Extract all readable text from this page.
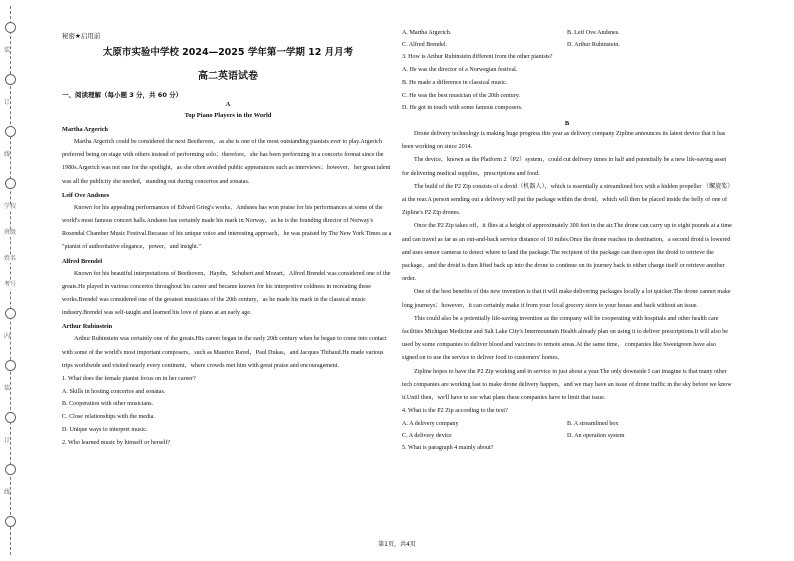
装
订
线
学校
班级
姓名
考号
内
装
订
线
秘密★启用前
太原市实验中学校 2024—2025 学年第一学期 12 月月考
高二英语试卷
一、阅读理解（每小题 3 分，共 60 分）
A
Top Piano Players in the World
Martha Argerich

Martha Argerich could be considered the next Beethoven，as she is one of the most outstanding pianists ever to play.Argerich preferred being on stage with others instead of performing solo；therefore，she has been performing in a concerto format since the 1980s.Argerich was not one for the spotlight，as she often avoided public appearances such as interviews；however，her great talent was all the publicity she needed，standing out during concertos and sonatas.

Leif Ove Andsnes

Known for his appealing performances of Edvard Grieg's works，Andsnes has won praise for his performances at some of the world's most famous concert halls.Andsnes has certainly made his mark in Norway，as he is the founding director of Norway's Rosendal Chamber Music Festival.Because of his unique voice and interesting approach，he was praised by The New York Times as a "pianist of authoritative elegance，power，and insight."

Alfred Brendel

Known for his beautiful interpretations of Beethoven，Haydn，Schubert and Mozart，Alfred Brendel was considered one of the greats.He played in various concertos throughout his career and became known for his interpretive coldness in recreating these works.Brendel was considered one of the greatest musicians of the 20th century，as he made his mark in the classical music industry.Brendel was self-taught and learned his love of piano at an early age.

Arthur Rubinstein

Arthur Rubinstein was certainly one of the greats.His career began in the early 20th century when he began to come into contact with some of the world's most important composers，such as Maurice Ravel，Paul Dukas，and Jacques Thibaud.He made various trips worldwide and visited nearly every continent，where crowds met him with great praise and encouragement.

1. What does the female pianist focus on in her career?
A. Skills in hosting concertos and sonatas.
B. Cooperation with other musicians.
C. Close relationships with the media.
D. Unique ways to interpret music.
2. Who learned music by himself or herself?
A. Martha Argerich.	B. Leif Ove Andsnes.
C. Alfred Brendel.	D. Arthur Rubinstein.
3. How is Arthur Rubinstein different from the other pianists?
A. He was the director of a Norwegian festival.
B. He made a difference in classical music.
C. He was the best musician of the 20th century.
D. He got in touch with some famous composers.
B

Drone delivery technology is making huge progress this year as delivery company Zipline announces its latest device that it has been working on since 2014.

The device，known as the Platform 2（P2）system，could cut delivery times in half and potentially be a new life-saving asset for delivering medical supplies，prescriptions and food.

The build of the P2 Zip consists of a droid（机器人），which is essentially a streamlined box with a hidden propeller （螺旋桨）at the rear.A person sending out a delivery will put the package within the droid，which will then be placed inside the belly of one of Zipline's P2 Zip drones.

Once the P2 Zip takes off，it flies at a height of approximately 300 feet in the air.The drone can carry up to eight pounds at a time and can travel as far as an out-and-back service distance of 10 miles.Once the drone reaches its destination，a second droid is lowered and uses sensor cameras to detect where to land the package.The recipient of the package can then open the droid to retrieve the package，and the droid is then lifted back up into the drone to continue on its journey back to either charge itself or retrieve another order.

One of the best benefits of this new invention is that it will make delivering packages locally a lot quicker.The drone cannot make long journeys；however，it can certainly make it from your local grocery store to your house and back without an issue.

This could also be a potentially life-saving invention as the company will be cooperating with hospitals and other health care facilities Michigan Medicine and Salt Lake City's Intermountain Health already plan on using it to deliver prescriptions.It will also be used by some companies to deliver blood and vaccines to remote areas.At the same time， companies like Sweetgreen have also signed on to use the service to deliver food to customers' homes.

Zipline hopes to have the P2 Zip working and in service in just about a year.The only downside I can imagine is that many other tech companies are working fast to make drone delivery happen，and we may have an issue of drone traffic in the sky before we know it.Until then，we'll have to see what plans these companies have to limit that issue.

4. What is the P2 Zip according to the text?
A. A delivery company	B. A streamlined box
C. A delivery device	D. An operation system
5. What is paragraph 4 mainly about?
第1页，共4页
